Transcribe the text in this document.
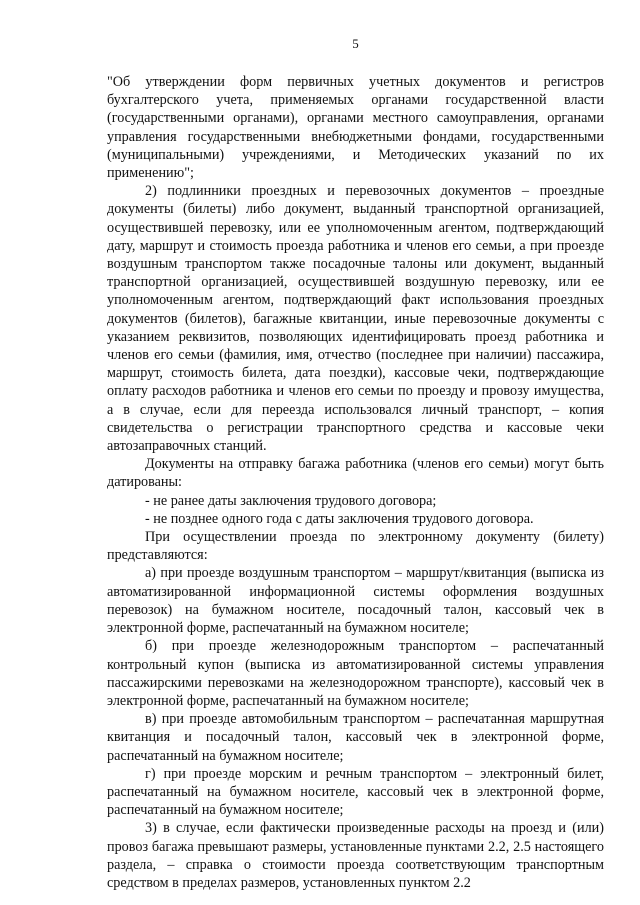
5
"Об утверждении форм первичных учетных документов и регистров бухгалтерского учета, применяемых органами государственной власти (государственными органами), органами местного самоуправления, органами управления государственными внебюджетными фондами, государственными (муниципальными) учреждениями, и Методических указаний по их применению";
2) подлинники проездных и перевозочных документов – проездные документы (билеты) либо документ, выданный транспортной организацией, осуществившей перевозку, или ее уполномоченным агентом, подтверждающий дату, маршрут и стоимость проезда работника и членов его семьи, а при проезде воздушным транспортом также посадочные талоны или документ, выданный транспортной организацией, осуществившей воздушную перевозку, или ее уполномоченным агентом, подтверждающий факт использования проездных документов (билетов), багажные квитанции, иные перевозочные документы с указанием реквизитов, позволяющих идентифицировать проезд работника и членов его семьи (фамилия, имя, отчество (последнее при наличии) пассажира, маршрут, стоимость билета, дата поездки), кассовые чеки, подтверждающие оплату расходов работника и членов его семьи по проезду и провозу имущества, а в случае, если для переезда использовался личный транспорт, – копия свидетельства о регистрации транспортного средства и кассовые чеки автозаправочных станций.
Документы на отправку багажа работника (членов его семьи) могут быть датированы:
- не ранее даты заключения трудового договора;
- не позднее одного года с даты заключения трудового договора.
При осуществлении проезда по электронному документу (билету) представляются:
а) при проезде воздушным транспортом – маршрут/квитанция (выписка из автоматизированной информационной системы оформления воздушных перевозок) на бумажном носителе, посадочный талон, кассовый чек в электронной форме, распечатанный на бумажном носителе;
б) при проезде железнодорожным транспортом – распечатанный контрольный купон (выписка из автоматизированной системы управления пассажирскими перевозками на железнодорожном транспорте), кассовый чек в электронной форме, распечатанный на бумажном носителе;
в) при проезде автомобильным транспортом – распечатанная маршрутная квитанция и посадочный талон, кассовый чек в электронной форме, распечатанный на бумажном носителе;
г) при проезде морским и речным транспортом – электронный билет, распечатанный на бумажном носителе, кассовый чек в электронной форме, распечатанный на бумажном носителе;
3) в случае, если фактически произведенные расходы на проезд и (или) провоз багажа превышают размеры, установленные пунктами 2.2, 2.5 настоящего раздела, – справка о стоимости проезда соответствующим транспортным средством в пределах размеров, установленных пунктом 2.2
